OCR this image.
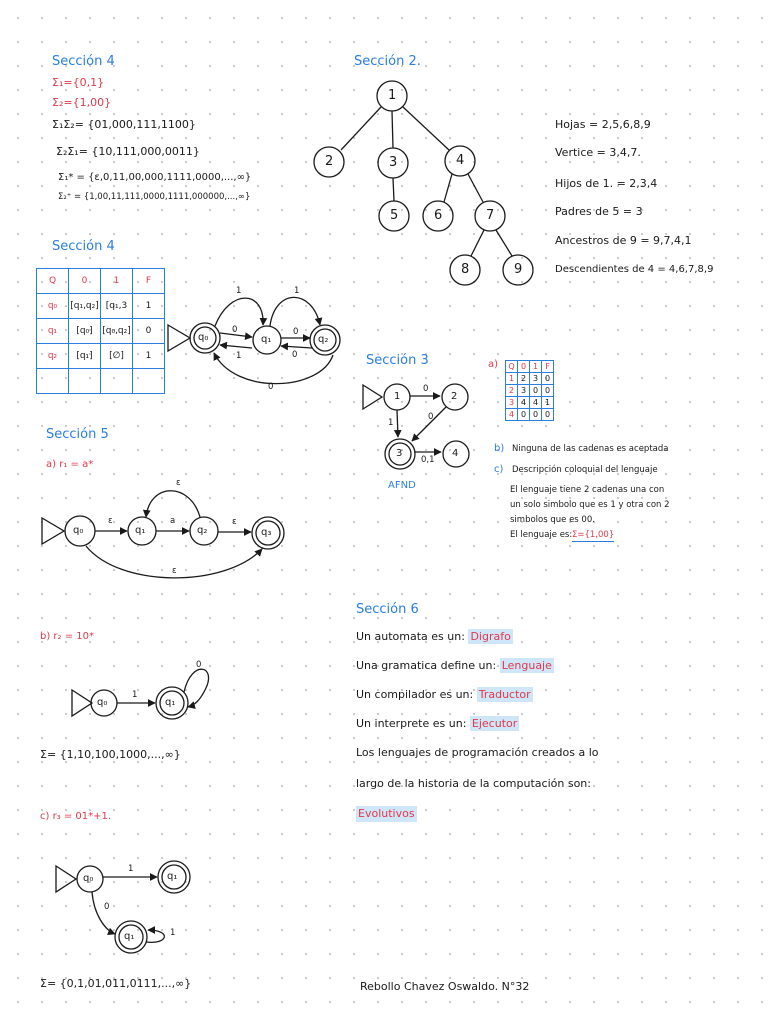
Sección 4
Σ₁={0,1}
Σ₂={1,00}
Σ₁Σ₂= {01,000,111,1100}
Σ₂Σ₁= {10,111,000,0011}
Σ₁* = {ε,0,11,00,000,1111,0000,...,∞}
Σ₂⁺ = {1,00,11,111,0000,1111,000000,...,∞}
Sección 4
Q	0	1	F
q₀	[q₁,q₂]	[q₁,3	1
q₁	[q₀]	[q₀,q₂]	0
q₂	[q₁]	[∅]	1

q₀	q₁	q₂
1	1
0	0
1	0
0
Sección 2.
1
2	3	4
5	6	7
8	9
Hojas = 2,5,6,8,9
Vertice = 3,4,7.
Hijos de 1. = 2,3,4
Padres de 5 = 3
Ancestros de 9 = 9,7,4,1
Descendientes de 4 = 4,6,7,8,9
Sección 3
1	2
3	4
0
1
0
0,1
AFND
a) Q	0	1	F
1	2	3	0
2	3	0	0
3	4	4	1
4	0	0	0
b) Ninguna de las cadenas es aceptada
c) Descripción coloquial del lenguaje
El lenguaje tiene 2 cadenas una con
un solo simbolo que es 1 y otra con 2
simbolos que es 00.
El lenguaje es: Σ={1,00}
Sección 5
a) r₁ = a*
q₀	q₁	q₂	q₃
ε	a	ε
ε
ε
b) r₂ = 10*
q₀	q₁
1
0
Σ= {1,10,100,1000,...,∞}
c) r₃ = 01*+1.
q₀	q₁
q₁
1
0
1
Σ= {0,1,01,011,0111,...,∞}
Sección 6
Un automata es un: Digrafo
Una gramatica define un: Lenguaje
Un compilador es un: Traductor
Un interprete es un: Ejecutor
Los lenguajes de programación creados a lo
largo de la historia de la computación son:
Evolutivos
Rebollo Chavez Oswaldo. N°32
